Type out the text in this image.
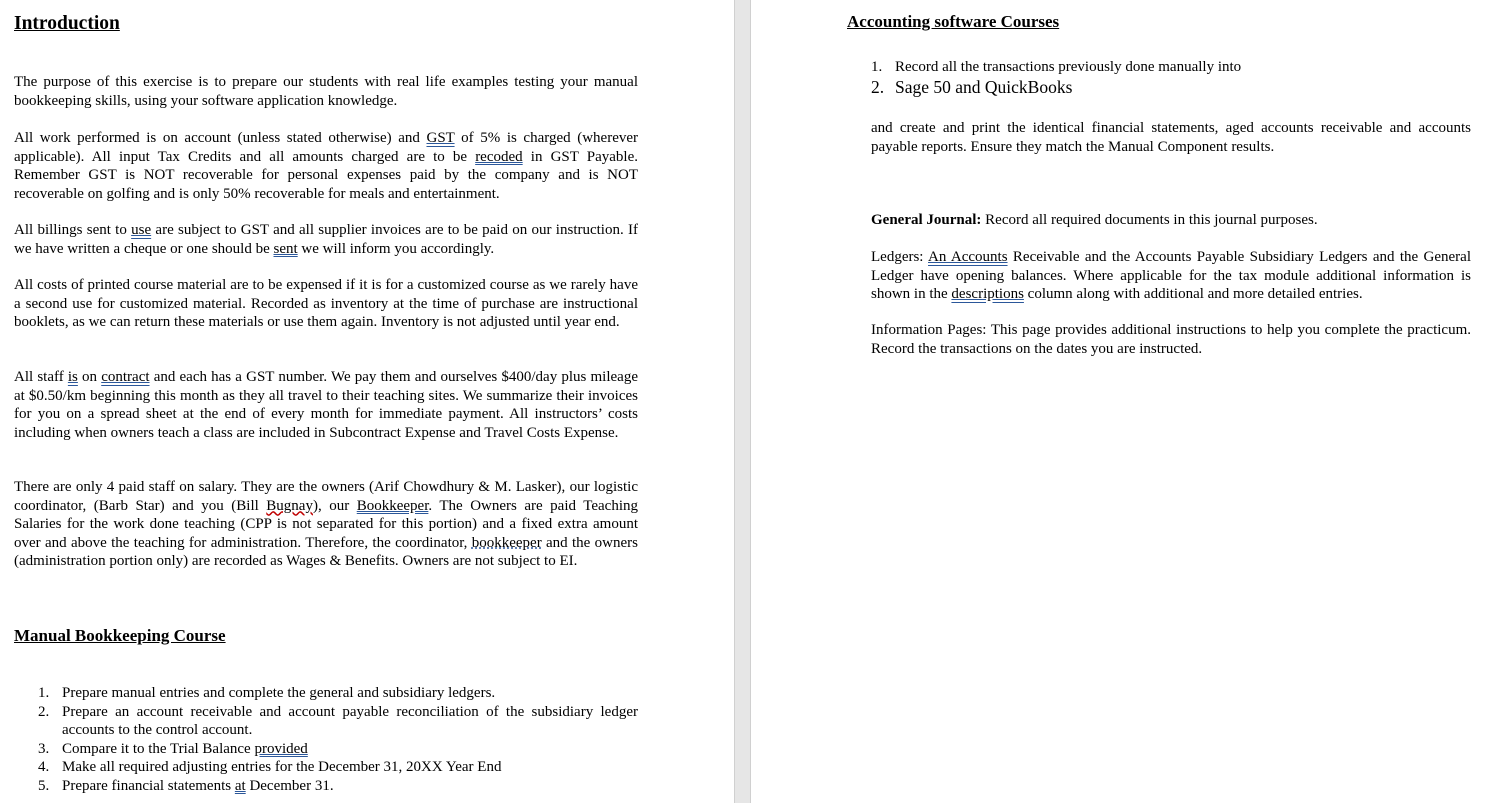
Introduction

The purpose of this exercise is to prepare our students with real life examples testing your manual bookkeeping skills, using your software application knowledge.

All work performed is on account (unless stated otherwise) and GST of 5% is charged (wherever applicable). All input Tax Credits and all amounts charged are to be recoded in GST Payable. Remember GST is NOT recoverable for personal expenses paid by the company and is NOT recoverable on golfing and is only 50% recoverable for meals and entertainment.

All billings sent to use are subject to GST and all supplier invoices are to be paid on our instruction. If we have written a cheque or one should be sent we will inform you accordingly.

All costs of printed course material are to be expensed if it is for a customized course as we rarely have a second use for customized material. Recorded as inventory at the time of purchase are instructional booklets, as we can return these materials or use them again. Inventory is not adjusted until year end.

All staff is on contract and each has a GST number. We pay them and ourselves $400/day plus mileage at $0.50/km beginning this month as they all travel to their teaching sites. We summarize their invoices for you on a spread sheet at the end of every month for immediate payment. All instructors’ costs including when owners teach a class are included in Subcontract Expense and Travel Costs Expense.

There are only 4 paid staff on salary. They are the owners (Arif Chowdhury & M. Lasker), our logistic coordinator, (Barb Star) and you (Bill Bugnay), our Bookkeeper. The Owners are paid Teaching Salaries for the work done teaching (CPP is not separated for this portion) and a fixed extra amount over and above the teaching for administration. Therefore, the coordinator, bookkeeper and the owners (administration portion only) are recorded as Wages & Benefits. Owners are not subject to EI.

Manual Bookkeeping Course
1. Prepare manual entries and complete the general and subsidiary ledgers.
2. Prepare an account receivable and account payable reconciliation of the subsidiary ledger accounts to the control account.
3. Compare it to the Trial Balance provided
4. Make all required adjusting entries for the December 31, 20XX Year End
5. Prepare financial statements at December 31.
Accounting software Courses
1. Record all the transactions previously done manually into
2. Sage 50 and QuickBooks

and create and print the identical financial statements, aged accounts receivable and accounts payable reports. Ensure they match the Manual Component results.

General Journal: Record all required documents in this journal purposes.

Ledgers: An Accounts Receivable and the Accounts Payable Subsidiary Ledgers and the General Ledger have opening balances. Where applicable for the tax module additional information is shown in the descriptions column along with additional and more detailed entries.

Information Pages: This page provides additional instructions to help you complete the practicum. Record the transactions on the dates you are instructed.
